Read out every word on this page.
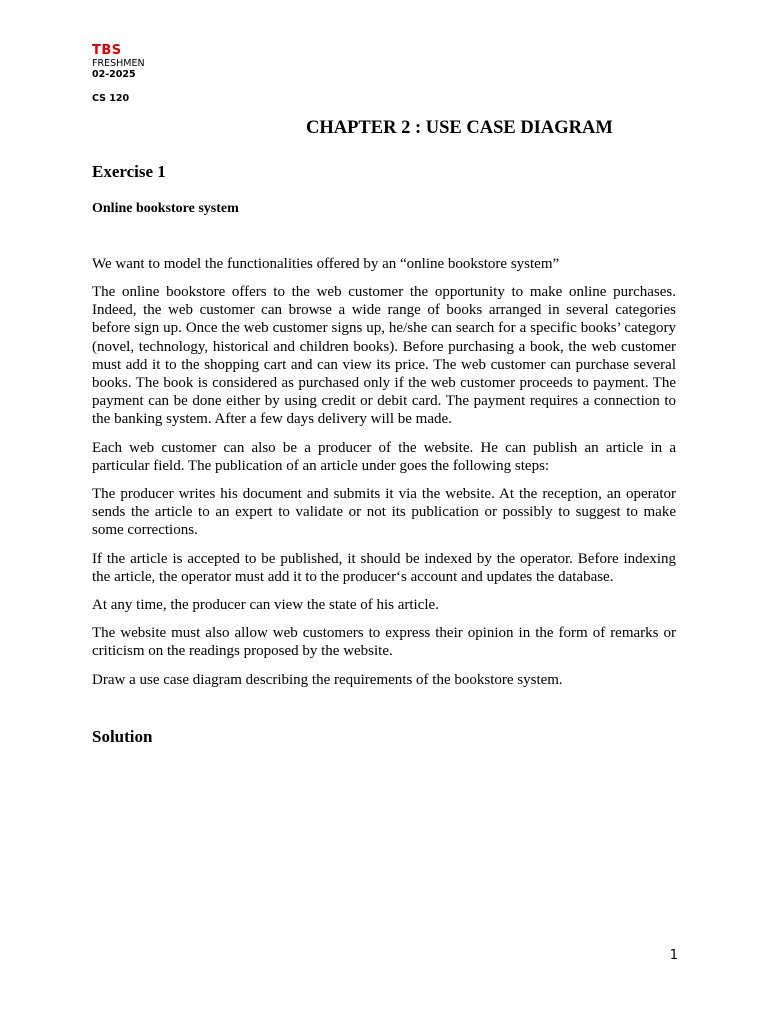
TBS
FRESHMEN
02-2025
CS 120
CHAPTER 2 : USE CASE DIAGRAM
Exercise 1
Online bookstore system

We want to model the functionalities offered by an “online bookstore system”

The online bookstore offers to the web customer the opportunity to make online purchases. Indeed, the web customer can browse a wide range of books arranged in several categories before sign up. Once the web customer signs up, he/she can search for a specific books’ category (novel, technology, historical and children books). Before purchasing a book, the web customer must add it to the shopping cart and can view its price. The web customer can purchase several books. The book is considered as purchased only if the web customer proceeds to payment. The payment can be done either by using credit or debit card. The payment requires a connection to the banking system. After a few days delivery will be made.

Each web customer can also be a producer of the website. He can publish an article in a particular field. The publication of an article under goes the following steps:

The producer writes his document and submits it via the website. At the reception, an operator sends the article to an expert to validate or not its publication or possibly to suggest to make some corrections.

If the article is accepted to be published, it should be indexed by the operator. Before indexing the article, the operator must add it to the producer‘s account and updates the database.

At any time, the producer can view the state of his article.

The website must also allow web customers to express their opinion in the form of remarks or criticism on the readings proposed by the website.

Draw a use case diagram describing the requirements of the bookstore system.

Solution
1
